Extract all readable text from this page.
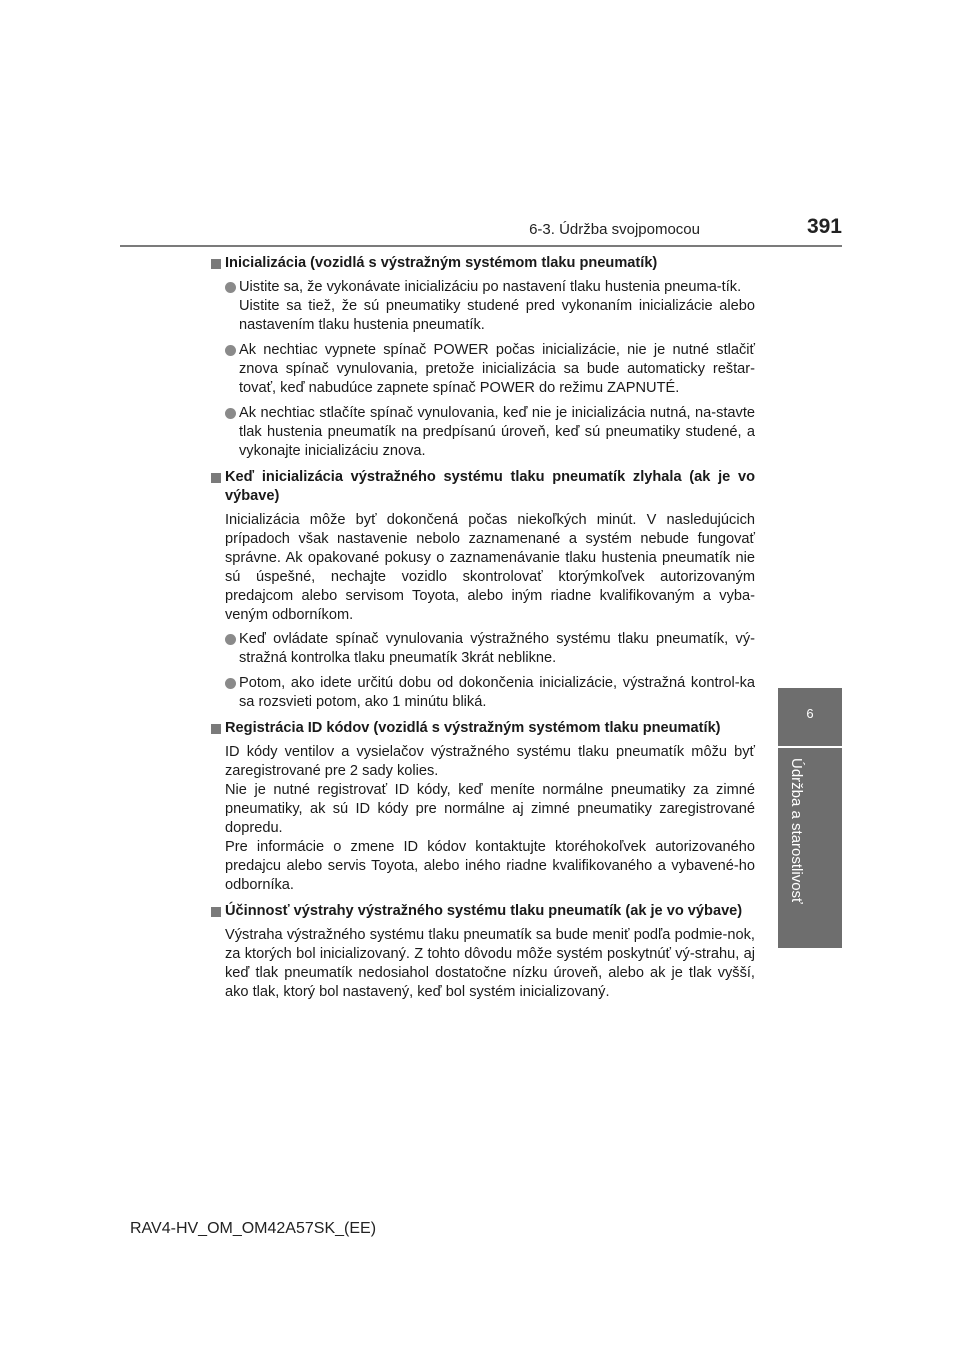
6-3. Údržba svojpomocou	391
6
Údržba a starostlivosť
Inicializácia (vozidlá s výstražným systémom tlaku pneumatík)
Uistite sa, že vykonávate inicializáciu po nastavení tlaku hustenia pneuma-tík.
Uistite sa tiež, že sú pneumatiky studené pred vykonaním inicializácie alebo nastavením tlaku hustenia pneumatík.
Ak nechtiac vypnete spínač POWER počas inicializácie, nie je nutné stlačiť znova spínač vynulovania, pretože inicializácia sa bude automaticky reštar-tovať, keď nabudúce zapnete spínač POWER do režimu ZAPNUTÉ.
Ak nechtiac stlačíte spínač vynulovania, keď nie je inicializácia nutná, na-stavte tlak hustenia pneumatík na predpísanú úroveň, keď sú pneumatiky studené, a vykonajte inicializáciu znova.
Keď inicializácia výstražného systému tlaku pneumatík zlyhala (ak je vo výbave)
Inicializácia môže byť dokončená počas niekoľkých minút. V nasledujúcich prípadoch však nastavenie nebolo zaznamenané a systém nebude fungovať správne. Ak opakované pokusy o zaznamenávanie tlaku hustenia pneumatík nie sú úspešné, nechajte vozidlo skontrolovať ktorýmkoľvek autorizovaným predajcom alebo servisom Toyota, alebo iným riadne kvalifikovaným a vyba-veným odborníkom.
Keď ovládate spínač vynulovania výstražného systému tlaku pneumatík, vý-stražná kontrolka tlaku pneumatík 3krát neblikne.
Potom, ako idete určitú dobu od dokončenia inicializácie, výstražná kontrol-ka sa rozsvieti potom, ako 1 minútu bliká.
Registrácia ID kódov (vozidlá s výstražným systémom tlaku pneumatík)
ID kódy ventilov a vysielačov výstražného systému tlaku pneumatík môžu byť zaregistrované pre 2 sady kolies.
Nie je nutné registrovať ID kódy, keď meníte normálne pneumatiky za zimné pneumatiky, ak sú ID kódy pre normálne aj zimné pneumatiky zaregistrované dopredu.
Pre informácie o zmene ID kódov kontaktujte ktoréhokoľvek autorizovaného predajcu alebo servis Toyota, alebo iného riadne kvalifikovaného a vybavené-ho odborníka.
Účinnosť výstrahy výstražného systému tlaku pneumatík (ak je vo výbave)
Výstraha výstražného systému tlaku pneumatík sa bude meniť podľa podmie-nok, za ktorých bol inicializovaný. Z tohto dôvodu môže systém poskytnúť vý-strahu, aj keď tlak pneumatík nedosiahol dostatočne nízku úroveň, alebo ak je tlak vyšší, ako tlak, ktorý bol nastavený, keď bol systém inicializovaný.
RAV4-HV_OM_OM42A57SK_(EE)
